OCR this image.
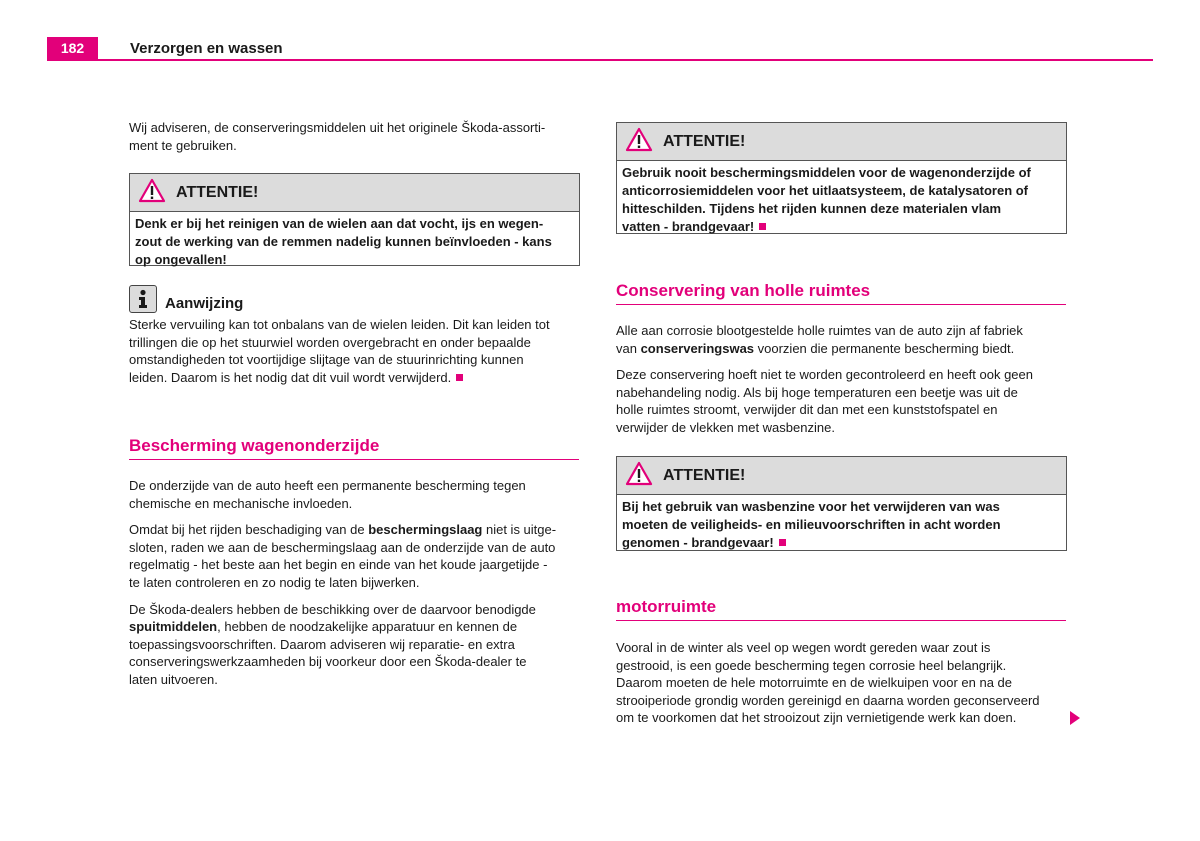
182	Verzorgen en wassen

Wij adviseren, de conserveringsmiddelen uit het originele Škoda-assorti-

ment te gebruiken.

ATTENTIE!
Denk er bij het reinigen van de wielen aan dat vocht, ijs en wegen-
zout de werking van de remmen nadelig kunnen beïnvloeden - kans
op ongevallen!
Aanwijzing

Sterke vervuiling kan tot onbalans van de wielen leiden. Dit kan leiden tot

trillingen die op het stuurwiel worden overgebracht en onder bepaalde

omstandigheden tot voortijdige slijtage van de stuurinrichting kunnen

leiden. Daarom is het nodig dat dit vuil wordt verwijderd.

Bescherming wagenonderzijde

De onderzijde van de auto heeft een permanente bescherming tegen

chemische en mechanische invloeden.

Omdat bij het rijden beschadiging van de beschermingslaag niet is uitge-

sloten, raden we aan de beschermingslaag aan de onderzijde van de auto

regelmatig - het beste aan het begin en einde van het koude jaargetijde -

te laten controleren en zo nodig te laten bijwerken.

De Škoda-dealers hebben de beschikking over de daarvoor benodigde

spuitmiddelen, hebben de noodzakelijke apparatuur en kennen de

toepassingsvoorschriften. Daarom adviseren wij reparatie- en extra

conserveringswerkzaamheden bij voorkeur door een Škoda-dealer te

laten uitvoeren.

ATTENTIE!
Gebruik nooit beschermingsmiddelen voor de wagenonderzijde of
anticorrosiemiddelen voor het uitlaatsysteem, de katalysatoren of
hitteschilden. Tijdens het rijden kunnen deze materialen vlam
vatten - brandgevaar!
Conservering van holle ruimtes

Alle aan corrosie blootgestelde holle ruimtes van de auto zijn af fabriek

van conserveringswas voorzien die permanente bescherming biedt.

Deze conservering hoeft niet te worden gecontroleerd en heeft ook geen

nabehandeling nodig. Als bij hoge temperaturen een beetje was uit de

holle ruimtes stroomt, verwijder dit dan met een kunststofspatel en

verwijder de vlekken met wasbenzine.

ATTENTIE!
Bij het gebruik van wasbenzine voor het verwijderen van was
moeten de veiligheids- en milieuvoorschriften in acht worden
genomen - brandgevaar!
motorruimte

Vooral in de winter als veel op wegen wordt gereden waar zout is

gestrooid, is een goede bescherming tegen corrosie heel belangrijk.

Daarom moeten de hele motorruimte en de wielkuipen voor en na de

strooiperiode grondig worden gereinigd en daarna worden geconserveerd

om te voorkomen dat het strooizout zijn vernietigende werk kan doen.
